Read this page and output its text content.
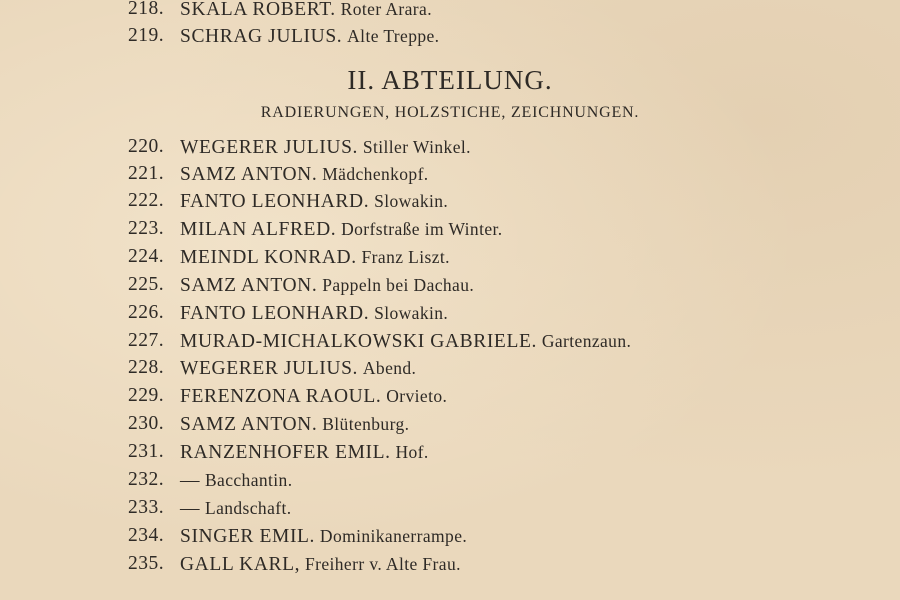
218. SKALA ROBERT. Roter Arara.
219. SCHRAG JULIUS. Alte Treppe.
II. ABTEILUNG.
RADIERUNGEN, HOLZSTICHE, ZEICHNUNGEN.
220. WEGERER JULIUS. Stiller Winkel.
221. SAMZ ANTON. Mädchenkopf.
222. FANTO LEONHARD. Slowakin.
223. MILAN ALFRED. Dorfstraße im Winter.
224. MEINDL KONRAD. Franz Liszt.
225. SAMZ ANTON. Pappeln bei Dachau.
226. FANTO LEONHARD. Slowakin.
227. MURAD-MICHALKOWSKI GABRIELE. Gartenzaun.
228. WEGERER JULIUS. Abend.
229. FERENZONA RAOUL. Orvieto.
230. SAMZ ANTON. Blütenburg.
231. RANZENHOFER EMIL. Hof.
232. — Bacchantin.
233. — Landschaft.
234. SINGER EMIL. Dominikanerrampe.
235. GALL KARL, Freiherr v. Alte Frau.
